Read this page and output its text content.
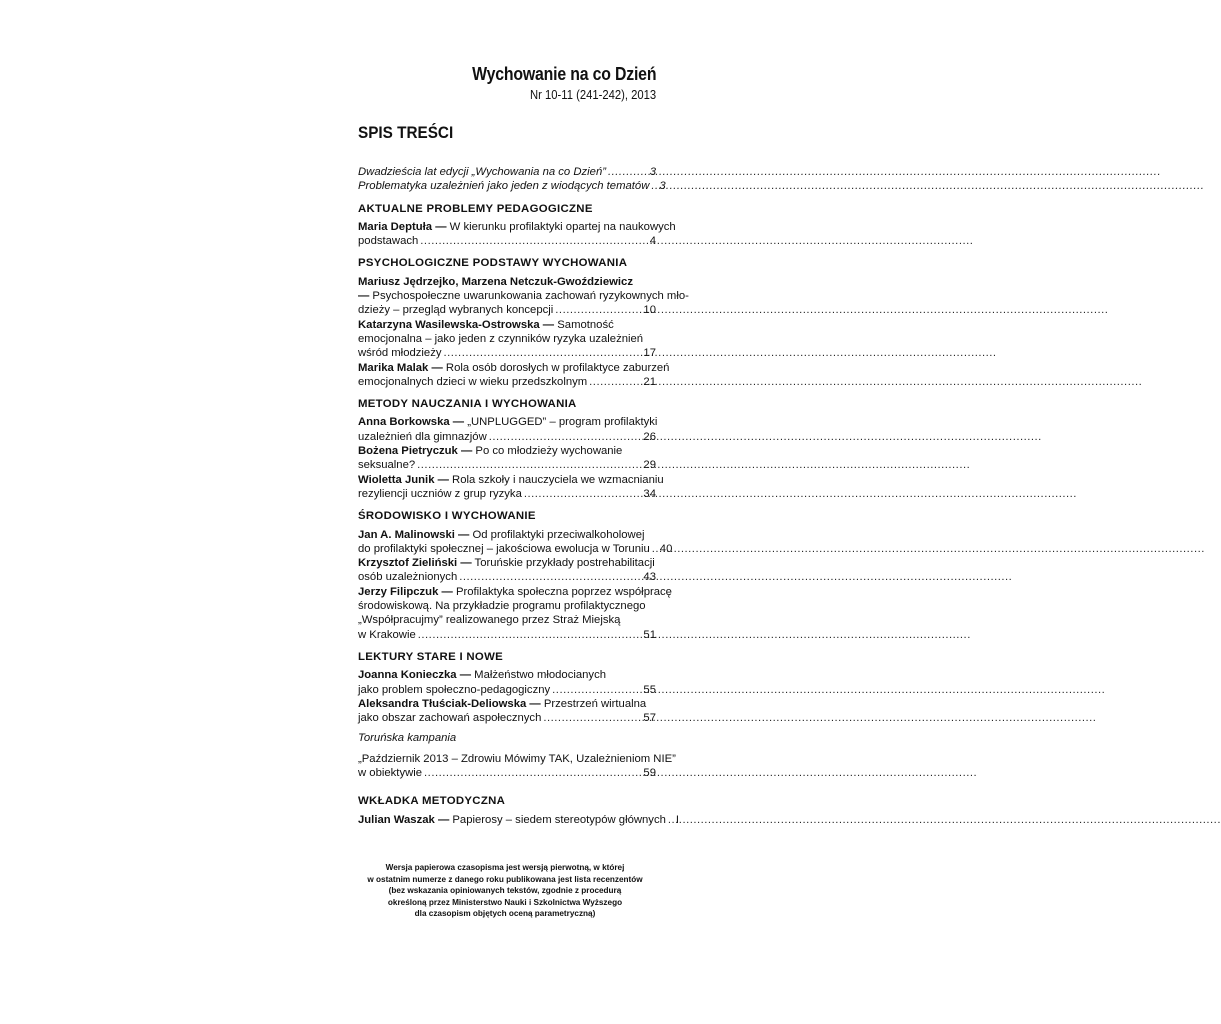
Wychowanie na co Dzień
Nr 10-11 (241-242), 2013
SPIS TREŚCI
Dwadzieścia lat edycji „Wychowania na co Dzień” .....	3
Problematyka uzależnień jako jeden z wiodących tematów ..... 3
AKTUALNE PROBLEMY PEDAGOGICZNE
Maria Deptuła — W kierunku profilaktyki opartej na naukowych
podstawach .....	4
PSYCHOLOGICZNE PODSTAWY WYCHOWANIA
Mariusz Jędrzejko, Marzena Netczuk-Gwoździewicz
— Psychospołeczne uwarunkowania zachowań ryzykownych mło-
dzieży – przegląd wybranych koncepcji .....	10
Katarzyna Wasilewska-Ostrowska — Samotność
emocjonalna – jako jeden z czynników ryzyka uzależnień
wśród młodzieży .....	17
Marika Malak — Rola osób dorosłych w profilaktyce zaburzeń
emocjonalnych dzieci w wieku przedszkolnym .....	21
METODY NAUCZANIA I WYCHOWANIA
Anna Borkowska — „UNPLUGGED” – program profilaktyki
uzależnień dla gimnazjów .....	26
Bożena Pietryczuk — Po co młodzieży wychowanie
seksualne? .....	29
Wioletta Junik — Rola szkoły i nauczyciela we wzmacnianiu
rezyliencji uczniów z grup ryzyka .....	34
ŚRODOWISKO I WYCHOWANIE
Jan A. Malinowski — Od profilaktyki przeciwalkoholowej
do profilaktyki społecznej – jakościowa ewolucja w Toruniu ..... 40
Krzysztof Zieliński — Toruńskie przykłady postrehabilitacji
osób uzależnionych .....	43
Jerzy Filipczuk — Profilaktyka społeczna poprzez współpracę
środowiskową. Na przykładzie programu profilaktycznego
„Współpracujmy” realizowanego przez Straż Miejską
w Krakowie .....	51
LEKTURY STARE I NOWE
Joanna Konieczka — Małżeństwo młodocianych
jako problem społeczno-pedagogiczny .....	55
Aleksandra Tłuściak-Deliowska — Przestrzeń wirtualna
jako obszar zachowań aspołecznych .....	57
Toruńska kampania
„Październik 2013 – Zdrowiu Mówimy TAK, Uzależnieniom NIE”
w obiektywie .....	59
WKŁADKA METODYCZNA
Julian Waszak — Papierosy – siedem stereotypów głównych ..... I
Wersja papierowa czasopisma jest wersją pierwotną, w której
w ostatnim numerze z danego roku publikowana jest lista recenzentów
(bez wskazania opiniowanych tekstów, zgodnie z procedurą
określoną przez Ministerstwo Nauki i Szkolnictwa Wyższego
dla czasopism objętych oceną parametryczną)
